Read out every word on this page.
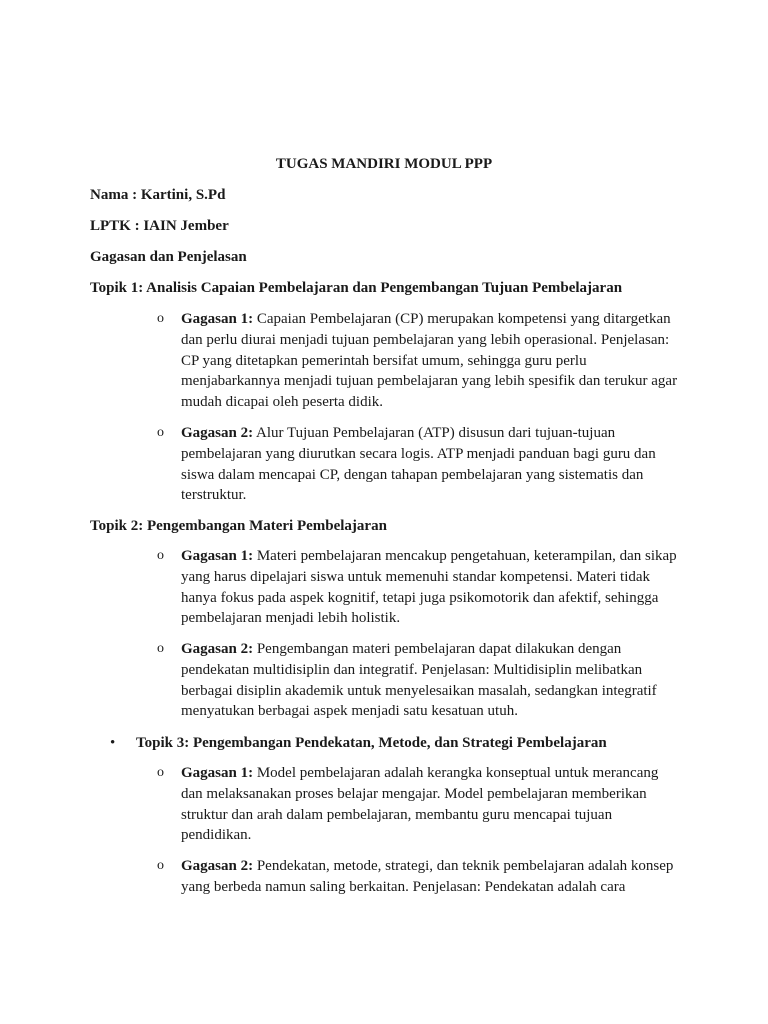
TUGAS MANDIRI MODUL PPP
Nama : Kartini, S.Pd
LPTK : IAIN Jember
Gagasan dan Penjelasan
Topik 1: Analisis Capaian Pembelajaran dan Pengembangan Tujuan Pembelajaran
o Gagasan 1: Capaian Pembelajaran (CP) merupakan kompetensi yang ditargetkan dan perlu diurai menjadi tujuan pembelajaran yang lebih operasional. Penjelasan: CP yang ditetapkan pemerintah bersifat umum, sehingga guru perlu menjabarkannya menjadi tujuan pembelajaran yang lebih spesifik dan terukur agar mudah dicapai oleh peserta didik.
o Gagasan 2: Alur Tujuan Pembelajaran (ATP) disusun dari tujuan-tujuan pembelajaran yang diurutkan secara logis. ATP menjadi panduan bagi guru dan siswa dalam mencapai CP, dengan tahapan pembelajaran yang sistematis dan terstruktur.
Topik 2: Pengembangan Materi Pembelajaran
o Gagasan 1: Materi pembelajaran mencakup pengetahuan, keterampilan, dan sikap yang harus dipelajari siswa untuk memenuhi standar kompetensi. Materi tidak hanya fokus pada aspek kognitif, tetapi juga psikomotorik dan afektif, sehingga pembelajaran menjadi lebih holistik.
o Gagasan 2: Pengembangan materi pembelajaran dapat dilakukan dengan pendekatan multidisiplin dan integratif. Penjelasan: Multidisiplin melibatkan berbagai disiplin akademik untuk menyelesaikan masalah, sedangkan integratif menyatukan berbagai aspek menjadi satu kesatuan utuh.
• Topik 3: Pengembangan Pendekatan, Metode, dan Strategi Pembelajaran
o Gagasan 1: Model pembelajaran adalah kerangka konseptual untuk merancang dan melaksanakan proses belajar mengajar. Model pembelajaran memberikan struktur dan arah dalam pembelajaran, membantu guru mencapai tujuan pendidikan.
o Gagasan 2: Pendekatan, metode, strategi, dan teknik pembelajaran adalah konsep yang berbeda namun saling berkaitan. Penjelasan: Pendekatan adalah cara
